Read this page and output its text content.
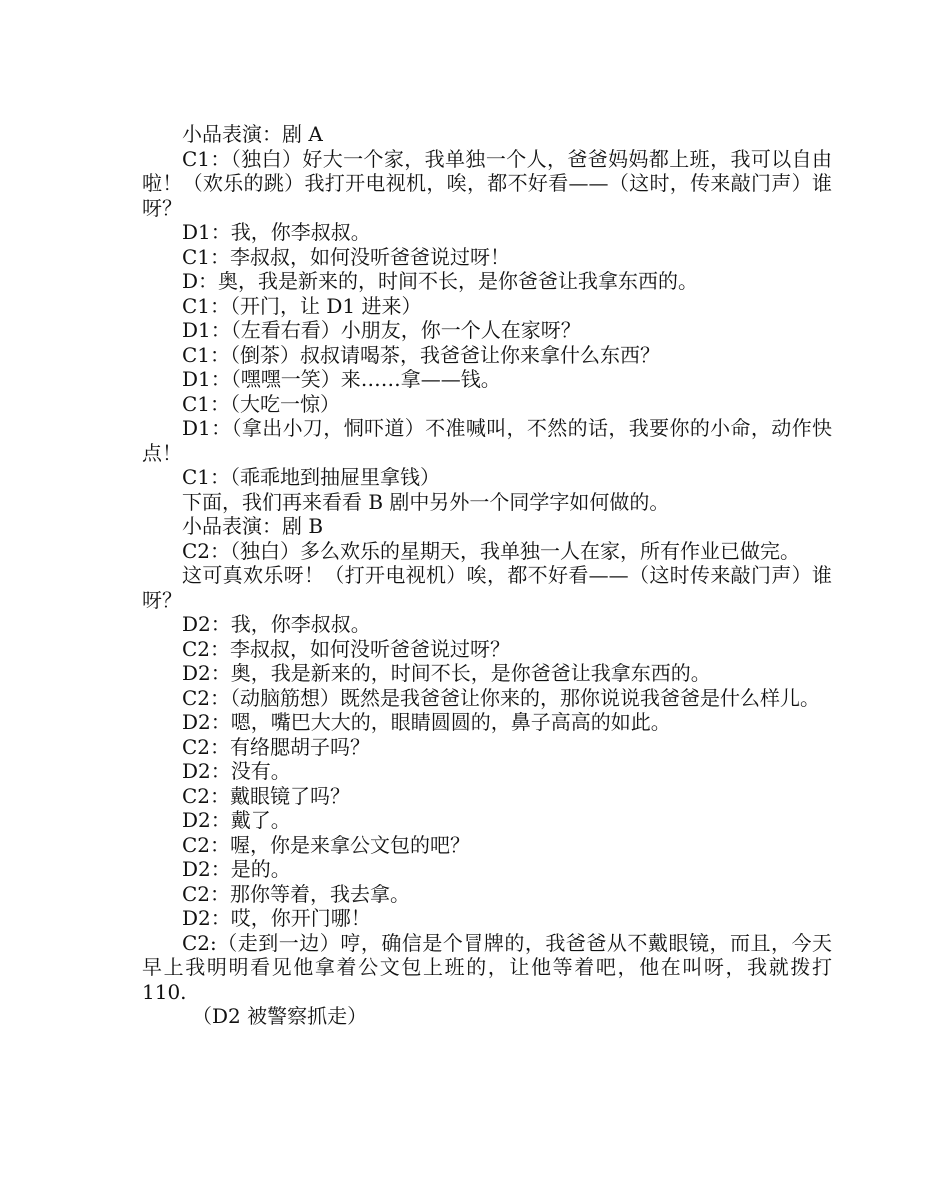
小品表演：剧 A

C1：（独白）好大一个家，我单独一个人，爸爸妈妈都上班，我可以自由啦！（欢乐的跳）我打开电视机，唉，都不好看——（这时，传来敲门声）谁呀？

D1：我，你李叔叔。

C1：李叔叔，如何没听爸爸说过呀！

D：奥，我是新来的，时间不长，是你爸爸让我拿东西的。

C1：（开门，让 D1 进来）

D1：（左看右看）小朋友，你一个人在家呀？

C1：（倒茶）叔叔请喝茶，我爸爸让你来拿什么东西？

D1：（嘿嘿一笑）来……拿——钱。

C1：（大吃一惊）

D1：（拿出小刀，恫吓道）不准喊叫，不然的话，我要你的小命，动作快点！

C1：（乖乖地到抽屉里拿钱）

下面，我们再来看看 B 剧中另外一个同学字如何做的。

小品表演：剧 B

C2：（独白）多么欢乐的星期天，我单独一人在家，所有作业已做完。

这可真欢乐呀！（打开电视机）唉，都不好看——（这时传来敲门声）谁呀？

D2：我，你李叔叔。

C2：李叔叔，如何没听爸爸说过呀？

D2：奥，我是新来的，时间不长，是你爸爸让我拿东西的。

C2：（动脑筋想）既然是我爸爸让你来的，那你说说我爸爸是什么样儿。

D2：嗯，嘴巴大大的，眼睛圆圆的，鼻子高高的如此。

C2：有络腮胡子吗？

D2：没有。

C2：戴眼镜了吗？

D2：戴了。

C2：喔，你是来拿公文包的吧？

D2：是的。

C2：那你等着，我去拿。

D2：哎，你开门哪！

C2:（走到一边）哼，确信是个冒牌的，我爸爸从不戴眼镜，而且，今天早上我明明看见他拿着公文包上班的，让他等着吧，他在叫呀，我就拨打 110.

（D2 被警察抓走）
